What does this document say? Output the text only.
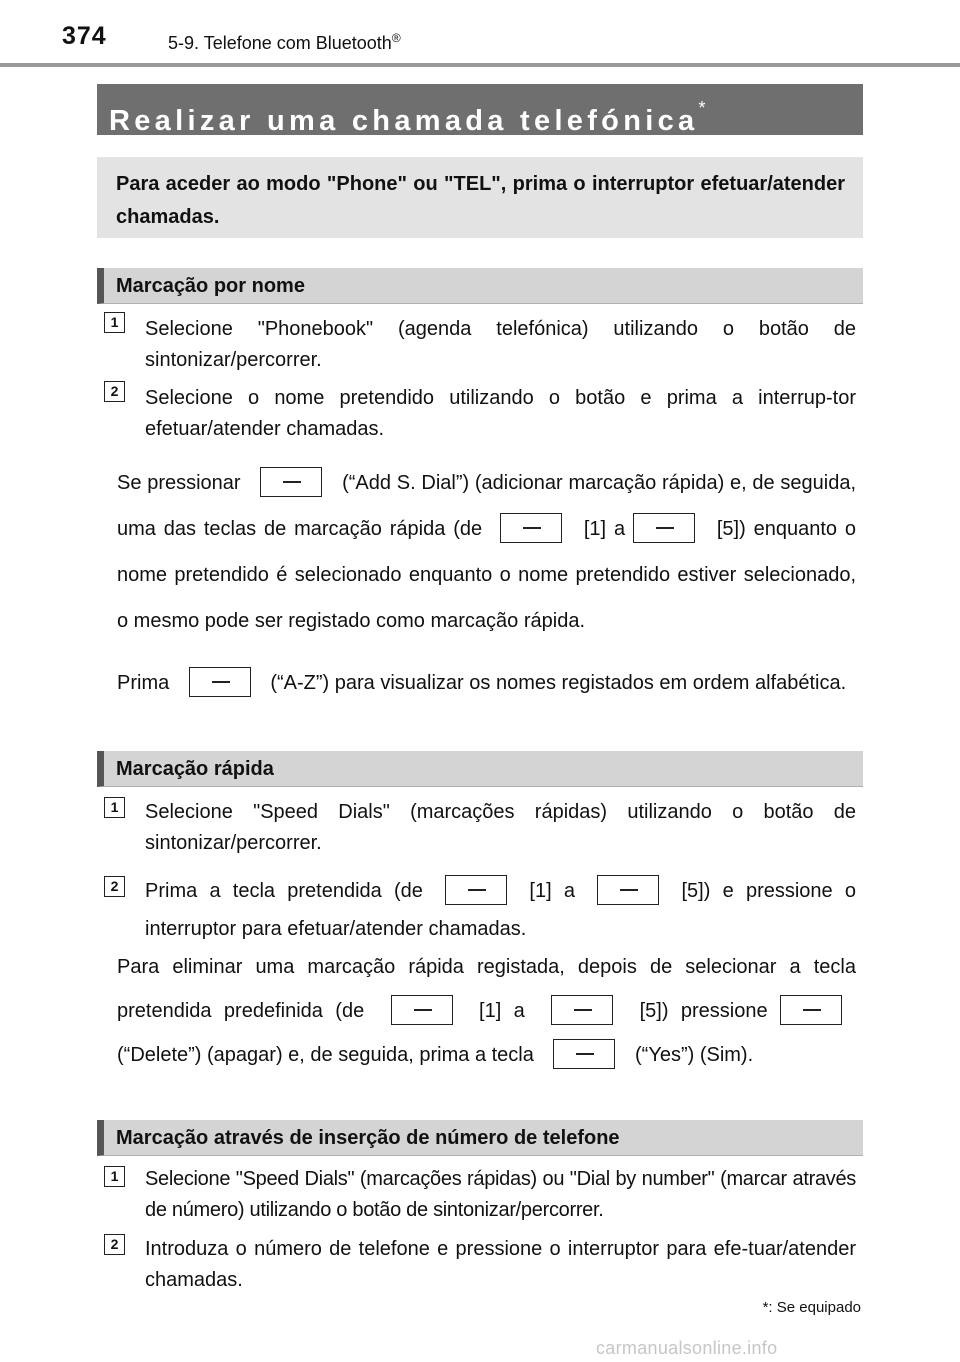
374	5-9. Telefone com Bluetooth®
Realizar uma chamada telefónica*
Para aceder ao modo "Phone" ou "TEL", prima o interruptor efetuar/atender chamadas.
Marcação por nome
1	Selecione "Phonebook" (agenda telefónica) utilizando o botão de sintonizar/percorrer.
2	Selecione o nome pretendido utilizando o botão e prima a interrup-tor efetuar/atender chamadas.
Se pressionar	(“Add S. Dial”) (adicionar marcação rápida) e, de seguida, uma das teclas de marcação rápida (de	[1] a	[5]) enquanto o nome pretendido é selecionado enquanto o nome pretendido estiver selecionado, o mesmo pode ser registado como marcação rápida.
Prima	(“A-Z”) para visualizar os nomes registados em ordem alfabética.
Marcação rápida
1	Selecione "Speed Dials" (marcações rápidas) utilizando o botão de sintonizar/percorrer.
2	Prima a tecla pretendida (de	[1] a	[5]) e pressione o interruptor para efetuar/atender chamadas.
Para eliminar uma marcação rápida registada, depois de selecionar a tecla pretendida predefinida (de	[1] a	[5]) pressione  (“Delete”) (apagar) e, de seguida, prima a tecla	(“Yes”) (Sim).
Marcação através de inserção de número de telefone
1	Selecione "Speed Dials" (marcações rápidas) ou "Dial by number" (marcar através de número) utilizando o botão de sintonizar/percorrer.
2	Introduza o número de telefone e pressione o interruptor para efe-tuar/atender chamadas.
*: Se equipado
carmanualsonline.info
